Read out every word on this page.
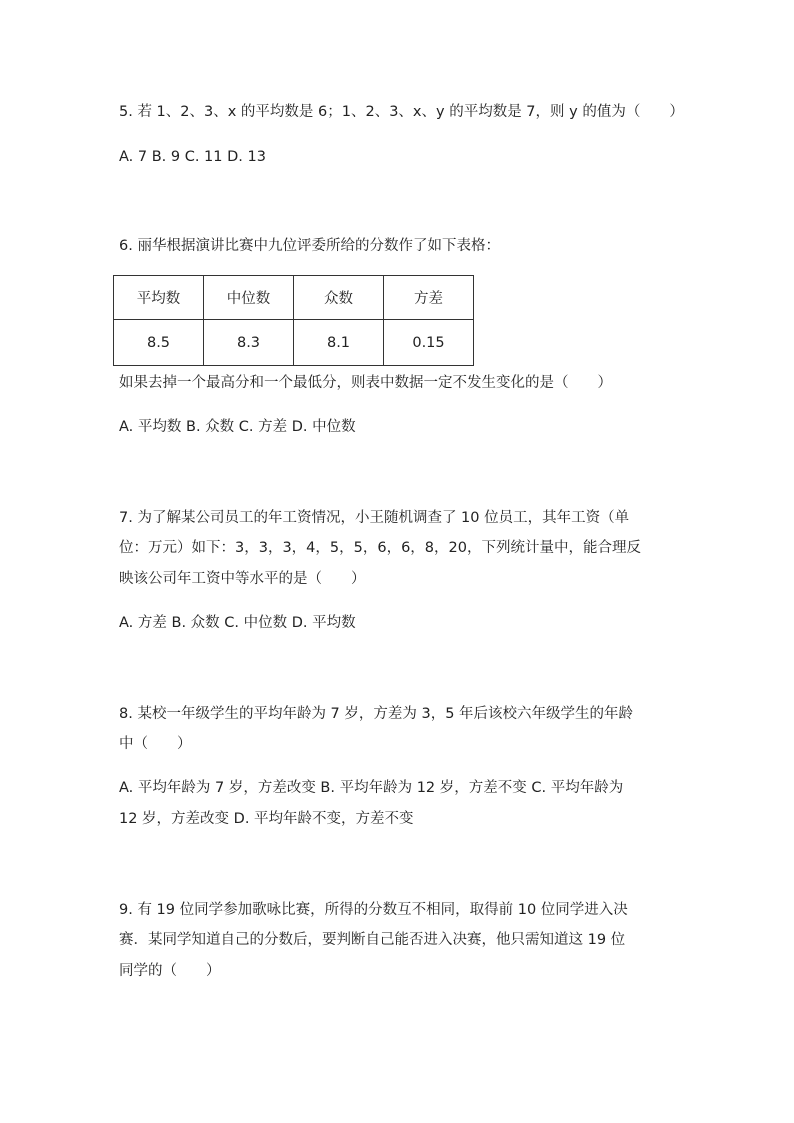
5. 若 1、2、3、x 的平均数是 6；1、2、3、x、y 的平均数是 7，则 y 的值为（　　）
A. 7 B. 9 C. 11 D. 13
6. 丽华根据演讲比赛中九位评委所给的分数作了如下表格：
平均数	中位数	众数	方差
8.5	8.3	8.1	0.15
如果去掉一个最高分和一个最低分，则表中数据一定不发生变化的是（　　）
A. 平均数 B. 众数 C. 方差 D. 中位数
7. 为了解某公司员工的年工资情况，小王随机调查了 10 位员工，其年工资（单
位：万元）如下：3，3，3，4，5，5，6，6，8，20，下列统计量中，能合理反
映该公司年工资中等水平的是（　　）
A. 方差 B. 众数 C. 中位数 D. 平均数
8. 某校一年级学生的平均年龄为 7 岁，方差为 3，5 年后该校六年级学生的年龄
中（　　）
A. 平均年龄为 7 岁，方差改变 B. 平均年龄为 12 岁，方差不变 C. 平均年龄为
12 岁，方差改变 D. 平均年龄不变，方差不变
9. 有 19 位同学参加歌咏比赛，所得的分数互不相同，取得前 10 位同学进入决
赛．某同学知道自己的分数后，要判断自己能否进入决赛，他只需知道这 19 位
同学的（　　）
